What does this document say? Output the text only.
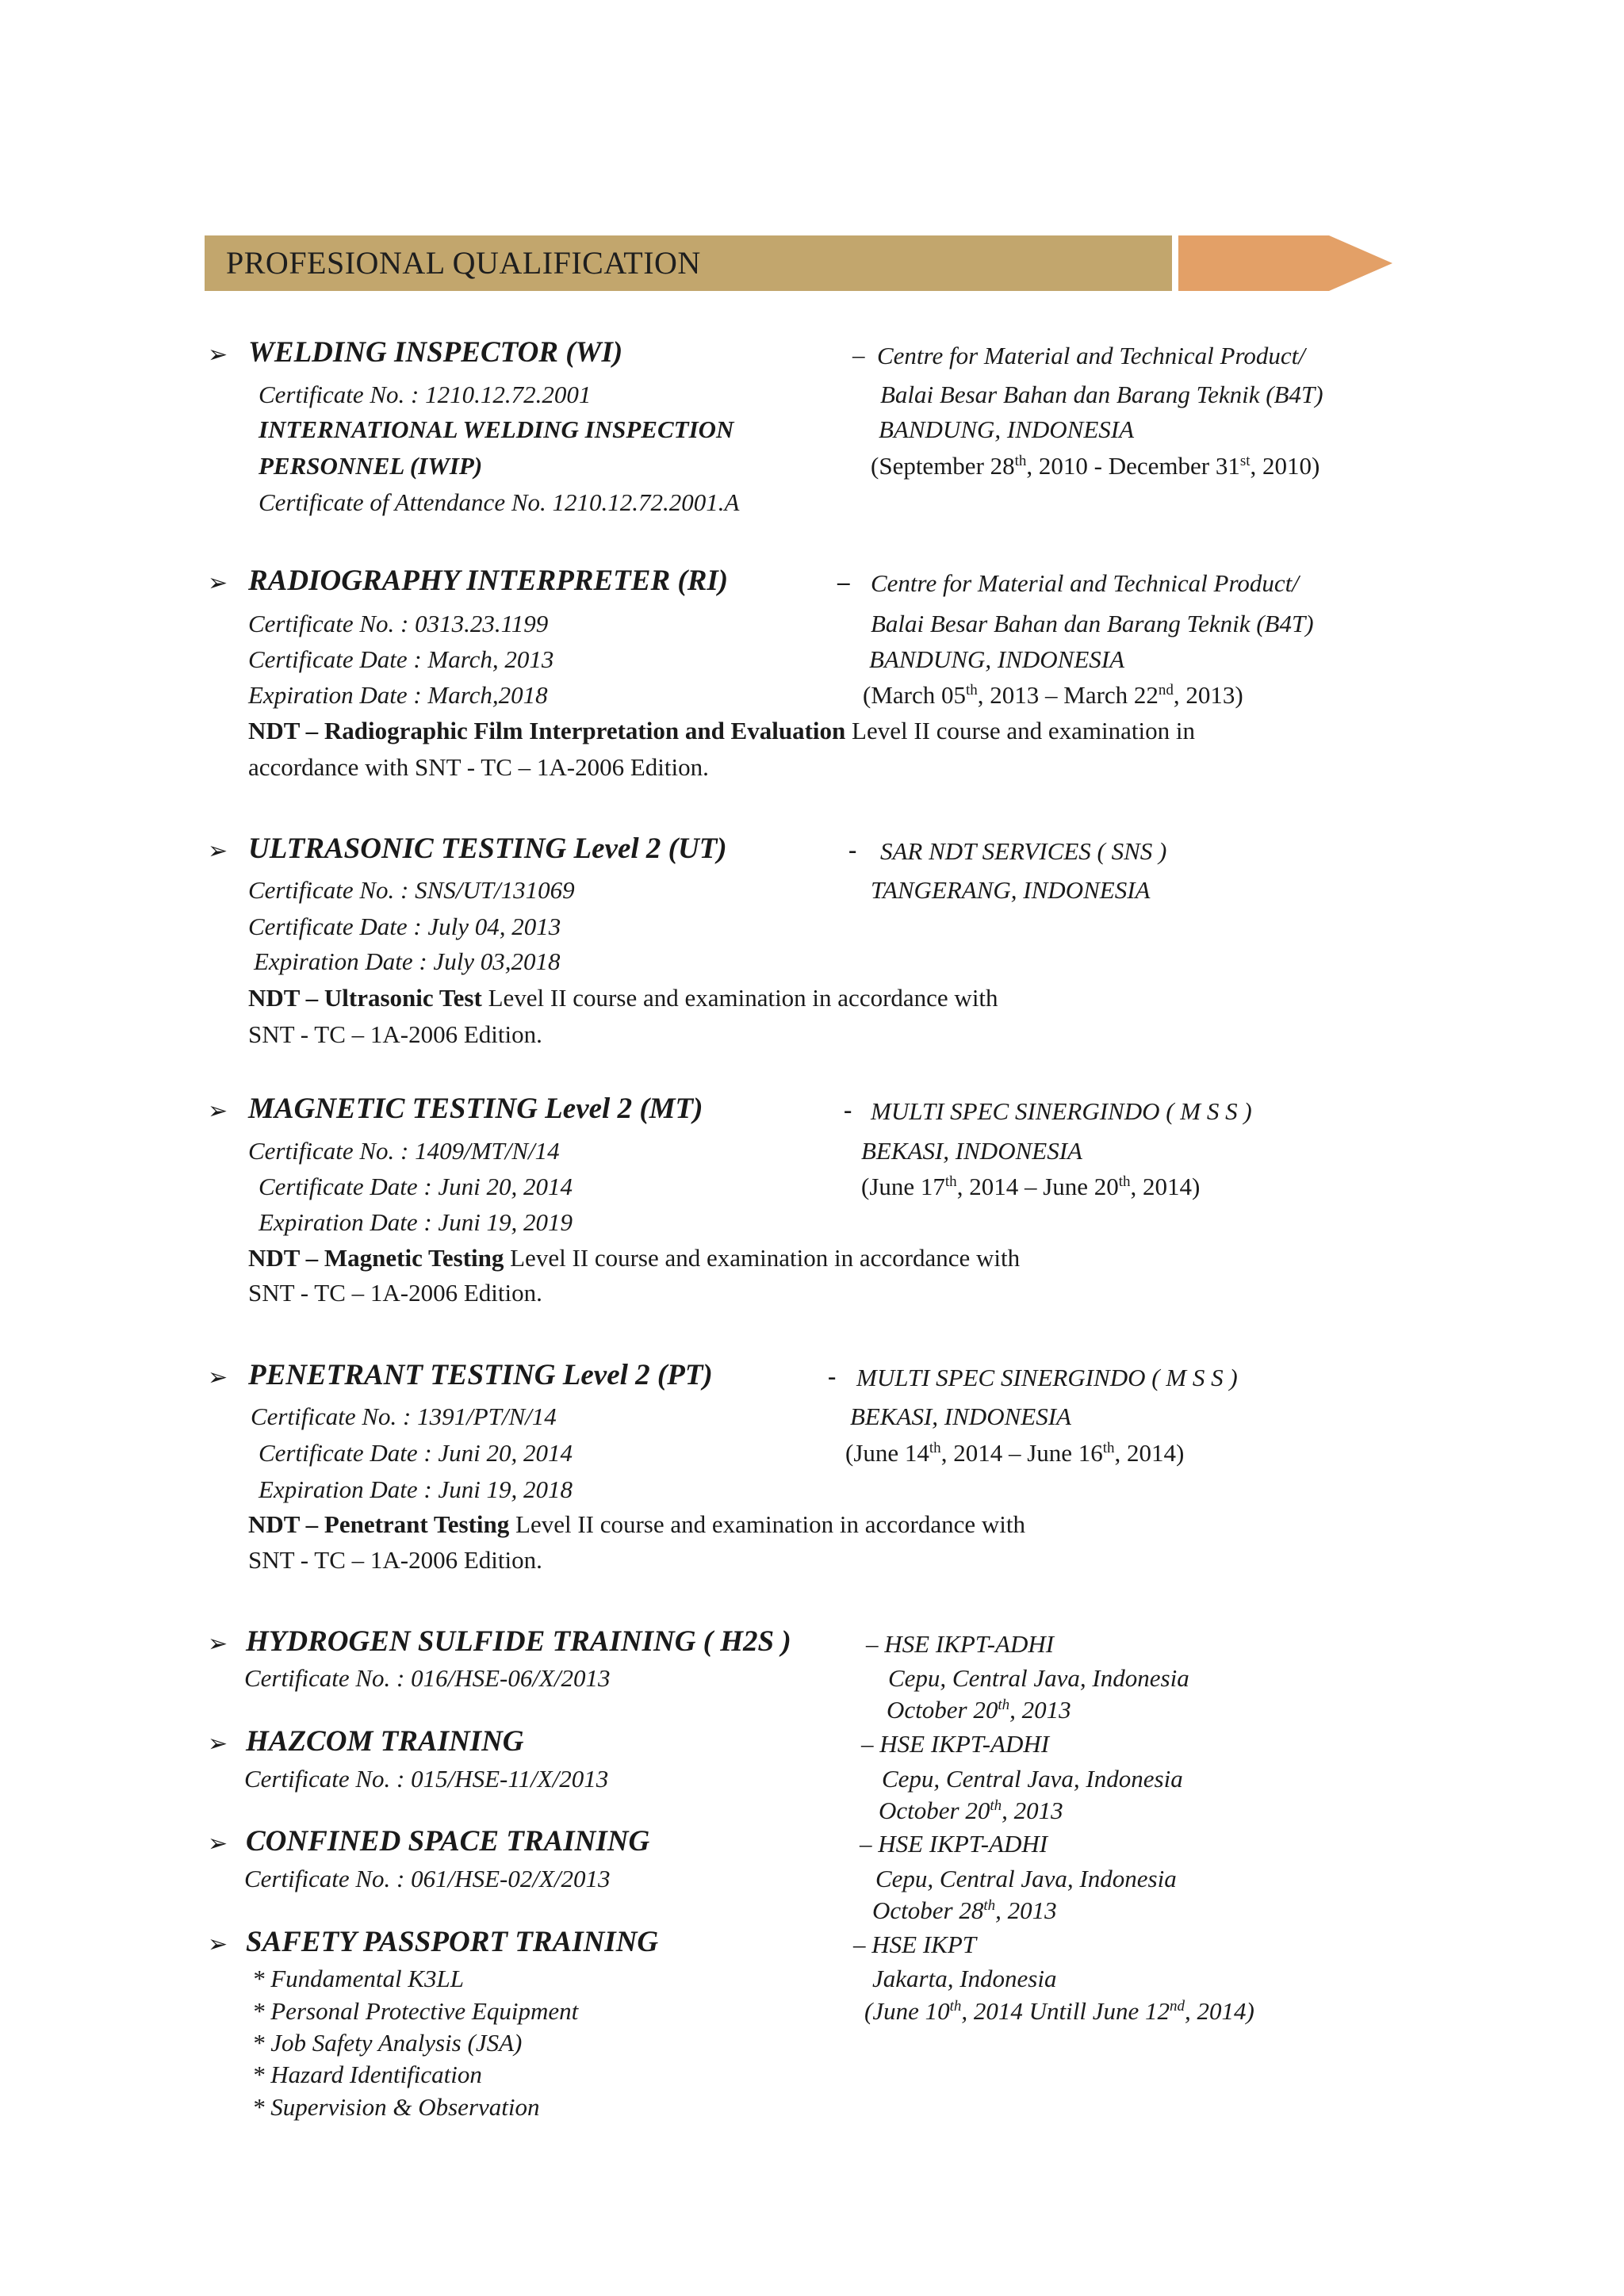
PROFESIONAL QUALIFICATION
➢ WELDING INSPECTOR (WI)	– Centre for Material and Technical Product/
Certificate No. : 1210.12.72.2001	Balai Besar Bahan dan Barang Teknik (B4T)
INTERNATIONAL WELDING INSPECTION	BANDUNG, INDONESIA
PERSONNEL (IWIP)	(September 28th, 2010 - December 31st, 2010)
Certificate of Attendance No. 1210.12.72.2001.A
➢ RADIOGRAPHY INTERPRETER (RI)	– Centre for Material and Technical Product/
Certificate No. : 0313.23.1199	Balai Besar Bahan dan Barang Teknik (B4T)
Certificate Date : March, 2013	BANDUNG, INDONESIA
Expiration Date : March,2018	(March 05th, 2013 – March 22nd, 2013)
NDT – Radiographic Film Interpretation and Evaluation Level II course and examination in
accordance with SNT - TC – 1A-2006 Edition.
➢ ULTRASONIC TESTING Level 2 (UT)	- SAR NDT SERVICES ( SNS )
Certificate No. : SNS/UT/131069	TANGERANG, INDONESIA
Certificate Date : July 04, 2013
Expiration Date : July 03,2018
NDT – Ultrasonic Test Level II course and examination in accordance with
SNT - TC – 1A-2006 Edition.
➢ MAGNETIC TESTING Level 2 (MT)	- MULTI SPEC SINERGINDO ( M S S )
Certificate No. : 1409/MT/N/14	BEKASI, INDONESIA
Certificate Date : Juni 20, 2014	(June 17th, 2014 – June 20th, 2014)
Expiration Date : Juni 19, 2019
NDT – Magnetic Testing Level II course and examination in accordance with
SNT - TC – 1A-2006 Edition.
➢ PENETRANT TESTING Level 2 (PT)	- MULTI SPEC SINERGINDO ( M S S )
Certificate No. : 1391/PT/N/14	BEKASI, INDONESIA
Certificate Date : Juni 20, 2014	(June 14th, 2014 – June 16th, 2014)
Expiration Date : Juni 19, 2018
NDT – Penetrant Testing Level II course and examination in accordance with
SNT - TC – 1A-2006 Edition.
➢ HYDROGEN SULFIDE TRAINING ( H2S )	– HSE IKPT-ADHI
Certificate No. : 016/HSE-06/X/2013	Cepu, Central Java, Indonesia
October 20th, 2013
➢ HAZCOM TRAINING	– HSE IKPT-ADHI
Certificate No. : 015/HSE-11/X/2013	Cepu, Central Java, Indonesia
October 20th, 2013
➢ CONFINED SPACE TRAINING	– HSE IKPT-ADHI
Certificate No. : 061/HSE-02/X/2013	Cepu, Central Java, Indonesia
October 28th, 2013
➢ SAFETY PASSPORT TRAINING	– HSE IKPT
* Fundamental K3LL	Jakarta, Indonesia
* Personal Protective Equipment	(June 10th, 2014 Untill June 12nd, 2014)
* Job Safety Analysis (JSA)
* Hazard Identification
* Supervision & Observation
